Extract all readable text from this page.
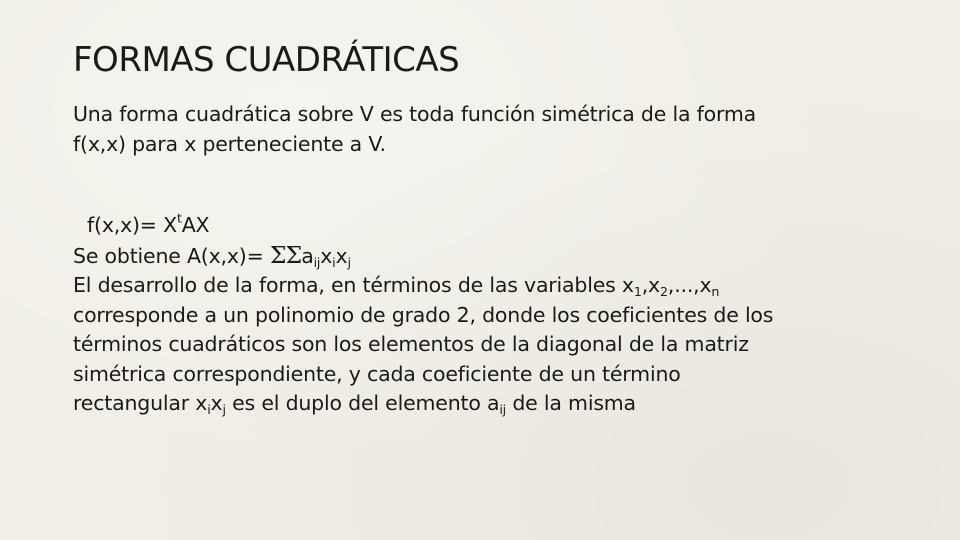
FORMAS CUADRÁTICAS

Una forma cuadrática sobre V es toda función simétrica de la forma
f(x,x) para x perteneciente a V.

$f(x,x)= X^tAX$

Se obtiene $A(x,x)= \Sigma\Sigma a_{ij}x_ix_j$

El desarrollo de la forma, en términos de las variables $x_1,x_2,...,x_n$
corresponde a un polinomio de grado 2, donde los coeficientes de los
términos cuadráticos son los elementos de la diagonal de la matriz
simétrica correspondiente, y cada coeficiente de un término
rectangular $x_ix_j$ es el duplo del elemento $a_{ij}$ de la misma
